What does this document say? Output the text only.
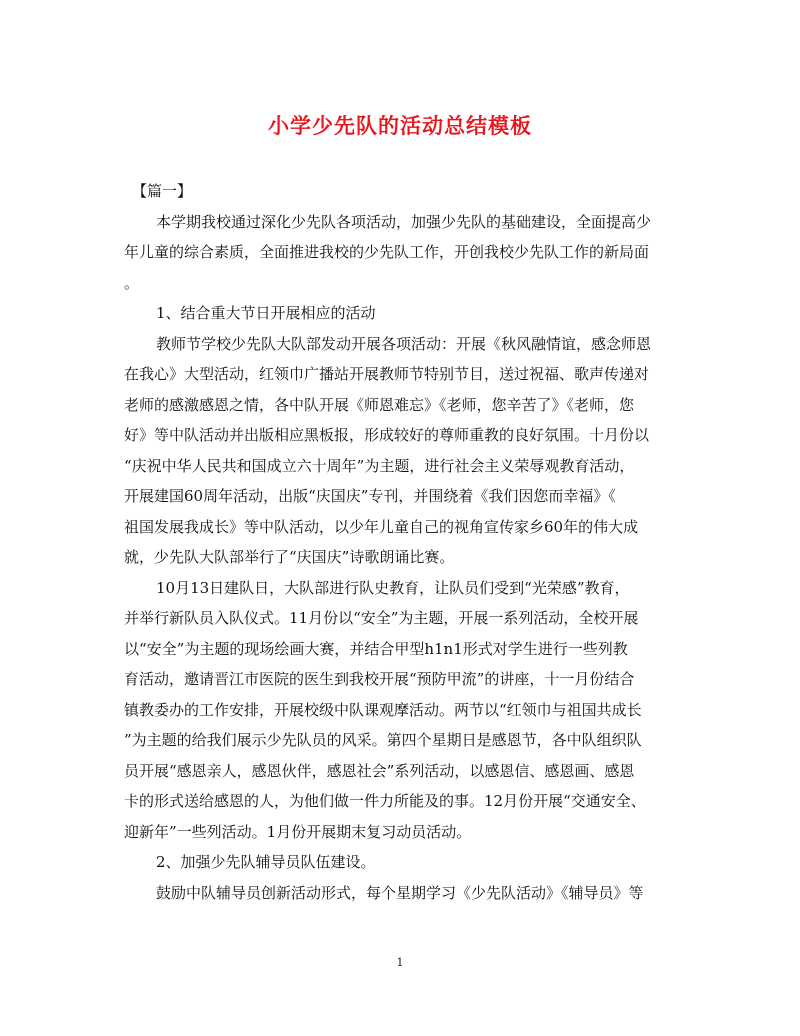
小学少先队的活动总结模板
【篇一】
本学期我校通过深化少先队各项活动，加强少先队的基础建设，全面提高少
年儿童的综合素质，全面推进我校的少先队工作，开创我校少先队工作的新局面
。
1、结合重大节日开展相应的活动
教师节学校少先队大队部发动开展各项活动：开展《秋风融情谊，感念师恩
在我心》大型活动，红领巾广播站开展教师节特别节目，送过祝福、歌声传递对
老师的感激感恩之情，各中队开展《师恩难忘》《老师，您辛苦了》《老师，您
好》等中队活动并出版相应黑板报，形成较好的尊师重教的良好氛围。十月份以
“庆祝中华人民共和国成立六十周年”为主题，进行社会主义荣辱观教育活动，
开展建国60周年活动，出版“庆国庆”专刊，并围绕着《我们因您而幸福》《
祖国发展我成长》等中队活动，以少年儿童自己的视角宣传家乡60年的伟大成
就，少先队大队部举行了“庆国庆”诗歌朗诵比赛。
10月13日建队日，大队部进行队史教育，让队员们受到“光荣感”教育，
并举行新队员入队仪式。11月份以“安全”为主题，开展一系列活动，全校开展
以“安全”为主题的现场绘画大赛，并结合甲型h1n1形式对学生进行一些列教
育活动，邀请晋江市医院的医生到我校开展“预防甲流”的讲座，十一月份结合
镇教委办的工作安排，开展校级中队课观摩活动。两节以“红领巾与祖国共成长
”为主题的给我们展示少先队员的风采。第四个星期日是感恩节，各中队组织队
员开展“感恩亲人，感恩伙伴，感恩社会”系列活动，以感恩信、感恩画、感恩
卡的形式送给感恩的人，为他们做一件力所能及的事。12月份开展“交通安全、
迎新年”一些列活动。1月份开展期末复习动员活动。
2、加强少先队辅导员队伍建设。
鼓励中队辅导员创新活动形式，每个星期学习《少先队活动》《辅导员》等
1
